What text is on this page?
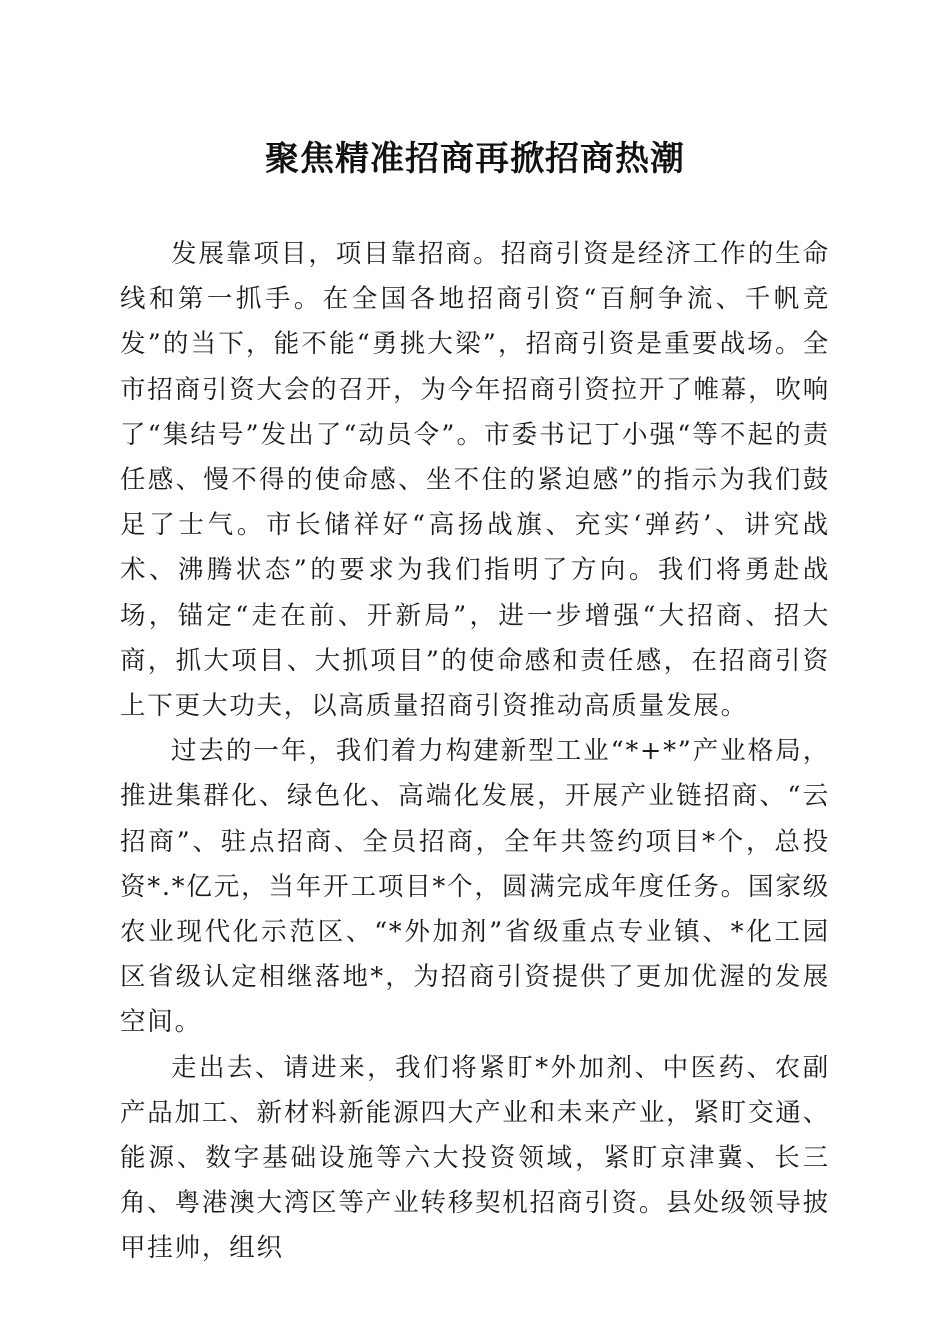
聚焦精准招商再掀招商热潮

发展靠项目，项目靠招商。招商引资是经济工作的生命线和第一抓手。在全国各地招商引资“百舸争流、千帆竞发”的当下，能不能“勇挑大梁”，招商引资是重要战场。全市招商引资大会的召开，为今年招商引资拉开了帷幕，吹响了“集结号”发出了“动员令”。市委书记丁小强“等不起的责任感、慢不得的使命感、坐不住的紧迫感”的指示为我们鼓足了士气。市长储祥好“高扬战旗、充实‘弹药’、讲究战术、沸腾状态”的要求为我们指明了方向。我们将勇赴战场，锚定“走在前、开新局”，进一步增强“大招商、招大商，抓大项目、大抓项目”的使命感和责任感，在招商引资上下更大功夫，以高质量招商引资推动高质量发展。

过去的一年，我们着力构建新型工业“*+*”产业格局，推进集群化、绿色化、高端化发展，开展产业链招商、“云招商”、驻点招商、全员招商，全年共签约项目*个，总投资*.*亿元，当年开工项目*个，圆满完成年度任务。国家级农业现代化示范区、“*外加剂”省级重点专业镇、*化工园区省级认定相继落地*，为招商引资提供了更加优渥的发展空间。

走出去、请进来，我们将紧盯*外加剂、中医药、农副产品加工、新材料新能源四大产业和未来产业，紧盯交通、能源、数字基础设施等六大投资领域，紧盯京津冀、长三角、粤港澳大湾区等产业转移契机招商引资。县处级领导披甲挂帅，组织
